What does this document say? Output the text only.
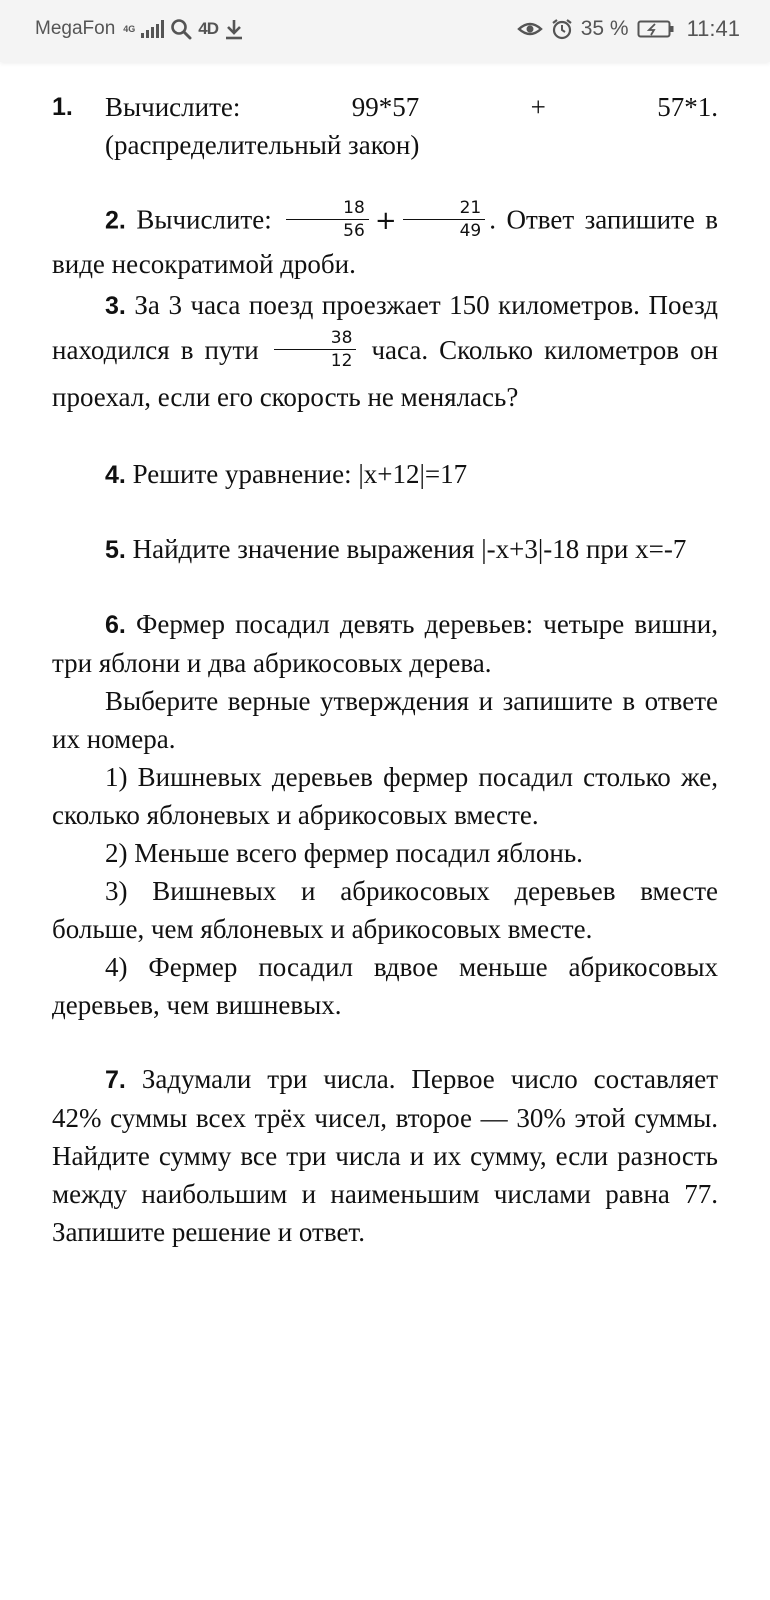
MegaFon 4G	4D	35 %	11:41
1.	Вычислите:	99*57	+	57*1.
(распределительный закон)

2. Вычислите: $\frac{18}{56} + \frac{21}{49}$ . Ответ запишите в виде несократимой дроби.

3. За 3 часа поезд проезжает 150 километров. Поезд находился в пути $\frac{38}{12}$ часа. Сколько километров он проехал, если его скорость не менялась?

4. Решите уравнение: |x+12|=17

5. Найдите значение выражения |-x+3|-18 при x=-7

6. Фермер посадил девять деревьев: четыре вишни, три яблони и два абрикосовых дерева.

Выберите верные утверждения и запишите в ответе их номера.

1) Вишневых деревьев фермер посадил столько же, сколько яблоневых и абрикосовых вместе.

2) Меньше всего фермер посадил яблонь.

3) Вишневых и абрикосовых деревьев вместе больше, чем яблоневых и абрикосовых вместе.

4) Фермер посадил вдвое меньше абрикосовых деревьев, чем вишневых.

7. Задумали три числа. Первое число составляет 42% суммы всех трёх чисел, второе — 30% этой суммы. Найдите сумму все три числа и их сумму, если разность между наибольшим и наименьшим числами равна 77. Запишите решение и ответ.
